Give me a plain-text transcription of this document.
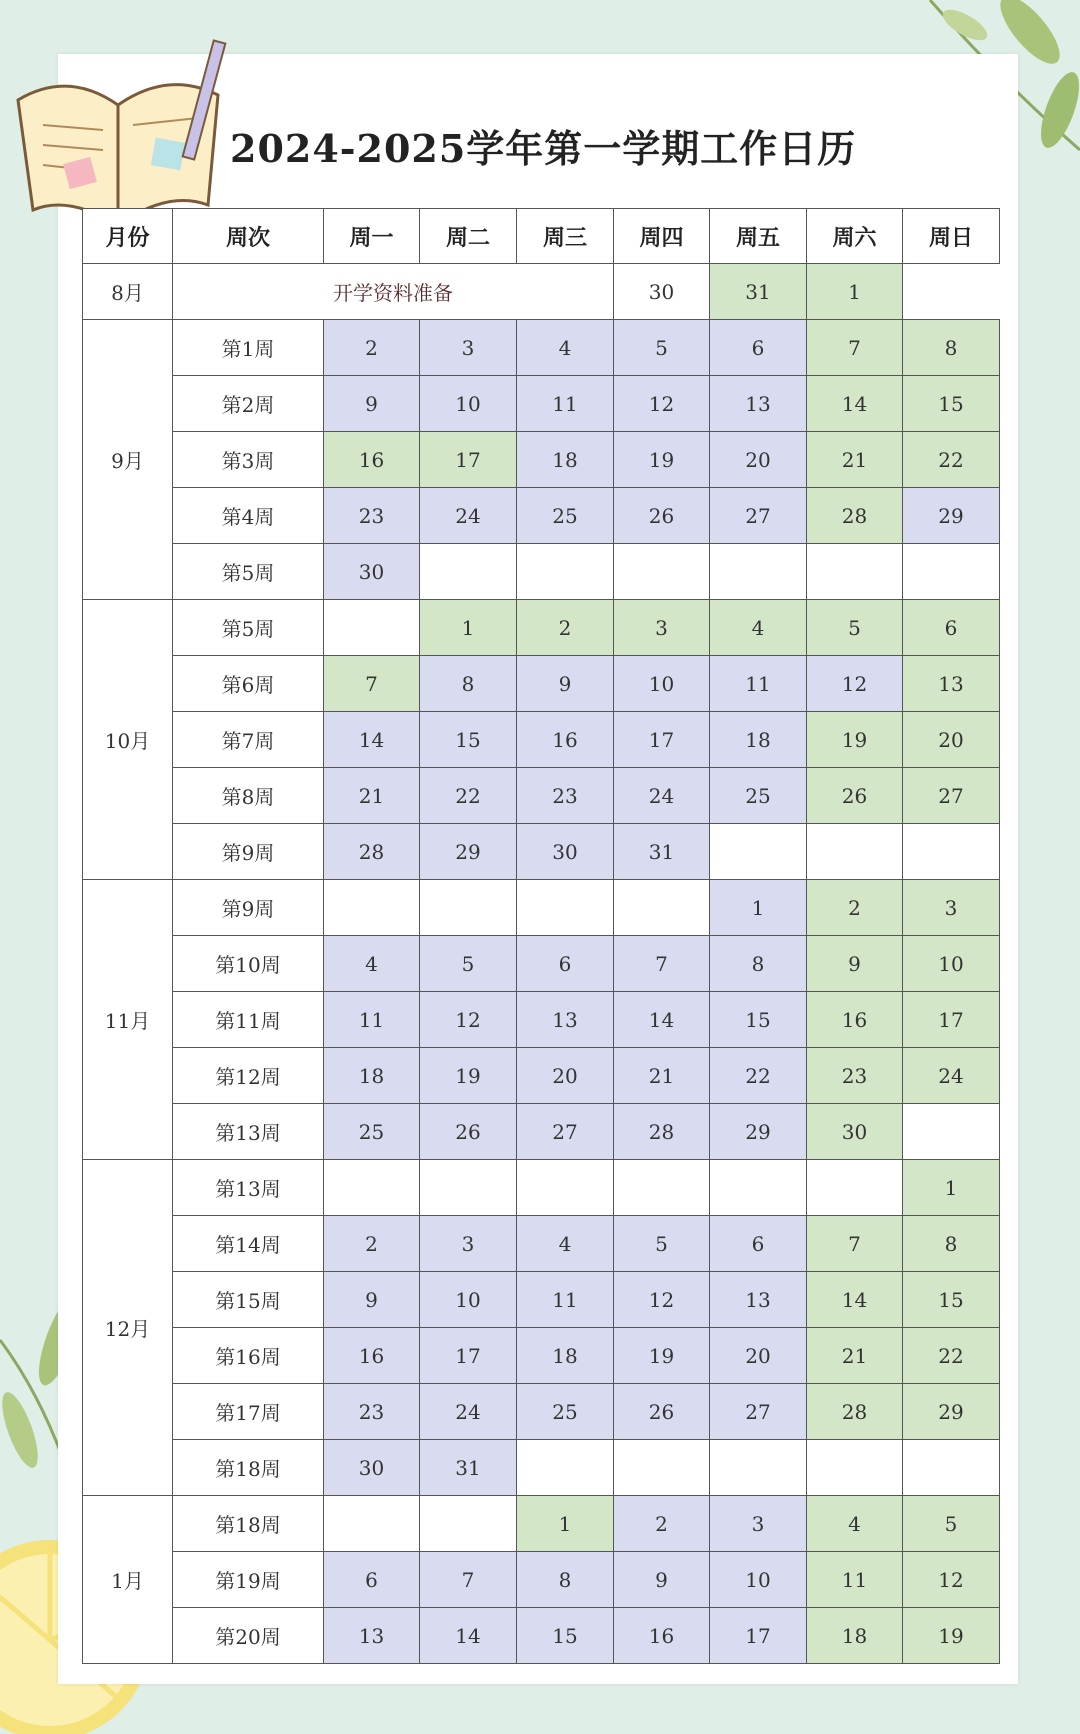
2024-2025学年第一学期工作日历
月份	周次	周一	周二	周三	周四	周五	周六	周日
8月	开学资料准备				30	31	1	
9月	第1周	2	3	4	5	6	7	8
	第2周	9	10	11	12	13	14	15
	第3周	16	17	18	19	20	21	22
	第4周	23	24	25	26	27	28	29
	第5周	30						
10月	第5周		1	2	3	4	5	6
	第6周	7	8	9	10	11	12	13
	第7周	14	15	16	17	18	19	20
	第8周	21	22	23	24	25	26	27
	第9周	28	29	30	31			
11月	第9周					1	2	3
	第10周	4	5	6	7	8	9	10
	第11周	11	12	13	14	15	16	17
	第12周	18	19	20	21	22	23	24
	第13周	25	26	27	28	29	30	
12月	第13周							1
	第14周	2	3	4	5	6	7	8
	第15周	9	10	11	12	13	14	15
	第16周	16	17	18	19	20	21	22
	第17周	23	24	25	26	27	28	29
	第18周	30	31					
1月	第18周			1	2	3	4	5
	第19周	6	7	8	9	10	11	12
	第20周	13	14	15	16	17	18	19
